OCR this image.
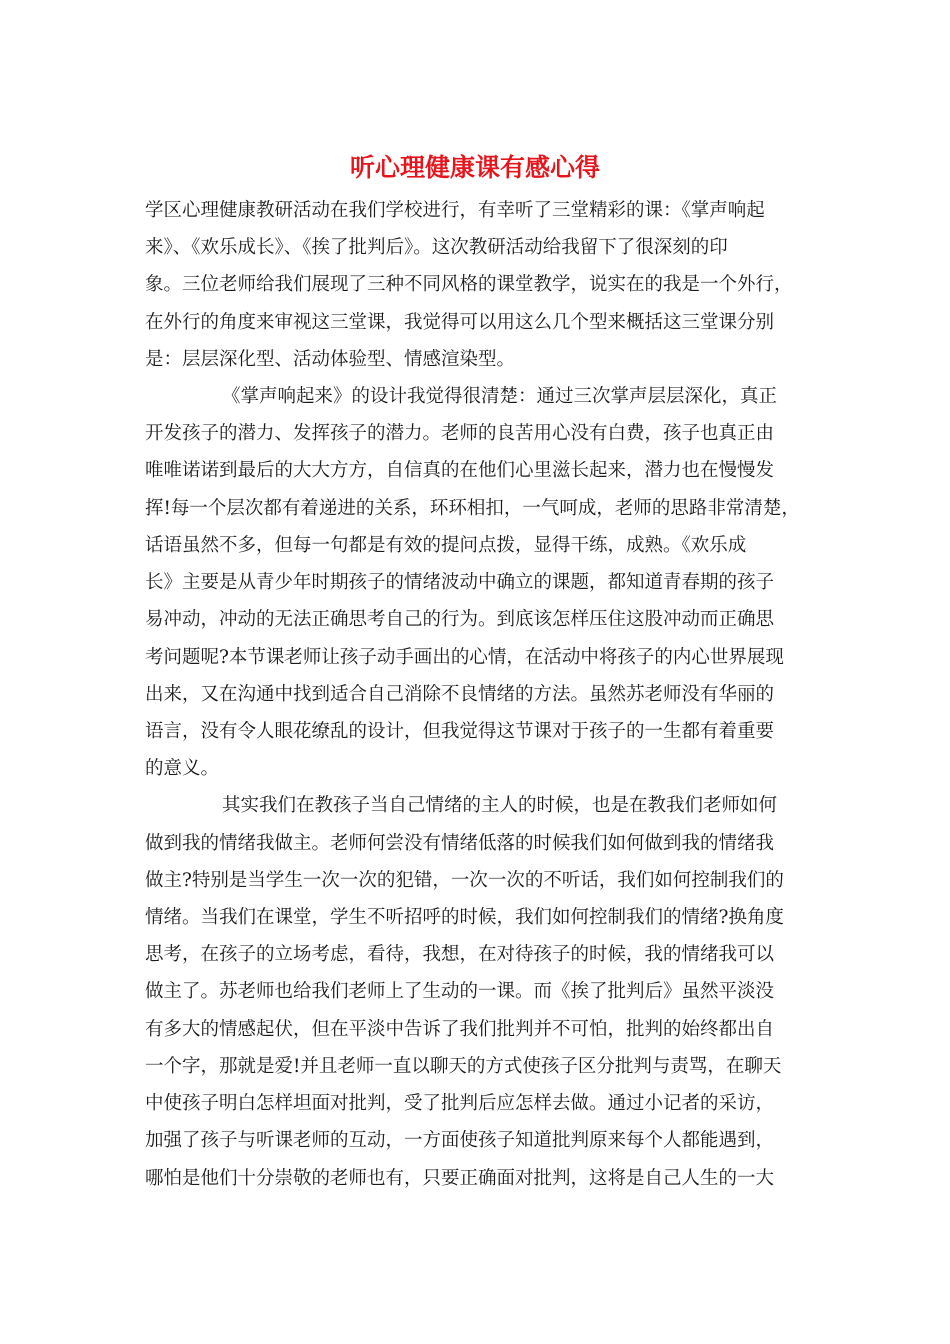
听心理健康课有感心得
学区心理健康教研活动在我们学校进行，有幸听了三堂精彩的课：《掌声响起
来》、《欢乐成长》、《挨了批判后》。这次教研活动给我留下了很深刻的印
象。三位老师给我们展现了三种不同风格的课堂教学，说实在的我是一个外行，
在外行的角度来审视这三堂课，我觉得可以用这么几个型来概括这三堂课分别
是：层层深化型、活动体验型、情感渲染型。
《掌声响起来》的设计我觉得很清楚：通过三次掌声层层深化，真正
开发孩子的潜力、发挥孩子的潜力。老师的良苦用心没有白费，孩子也真正由
唯唯诺诺到最后的大大方方，自信真的在他们心里滋长起来，潜力也在慢慢发
挥!每一个层次都有着递进的关系，环环相扣，一气呵成，老师的思路非常清楚，
话语虽然不多，但每一句都是有效的提问点拨，显得干练，成熟。《欢乐成
长》主要是从青少年时期孩子的情绪波动中确立的课题，都知道青春期的孩子
易冲动，冲动的无法正确思考自己的行为。到底该怎样压住这股冲动而正确思
考问题呢?本节课老师让孩子动手画出的心情，在活动中将孩子的内心世界展现
出来，又在沟通中找到适合自己消除不良情绪的方法。虽然苏老师没有华丽的
语言，没有令人眼花缭乱的设计，但我觉得这节课对于孩子的一生都有着重要
的意义。
其实我们在教孩子当自己情绪的主人的时候，也是在教我们老师如何
做到我的情绪我做主。老师何尝没有情绪低落的时候我们如何做到我的情绪我
做主?特别是当学生一次一次的犯错，一次一次的不听话，我们如何控制我们的
情绪。当我们在课堂，学生不听招呼的时候，我们如何控制我们的情绪?换角度
思考，在孩子的立场考虑，看待，我想，在对待孩子的时候，我的情绪我可以
做主了。苏老师也给我们老师上了生动的一课。而《挨了批判后》虽然平淡没
有多大的情感起伏，但在平淡中告诉了我们批判并不可怕，批判的始终都出自
一个字，那就是爱!并且老师一直以聊天的方式使孩子区分批判与责骂，在聊天
中使孩子明白怎样坦面对批判，受了批判后应怎样去做。通过小记者的采访，
加强了孩子与听课老师的互动，一方面使孩子知道批判原来每个人都能遇到，
哪怕是他们十分崇敬的老师也有，只要正确面对批判，这将是自己人生的一大
